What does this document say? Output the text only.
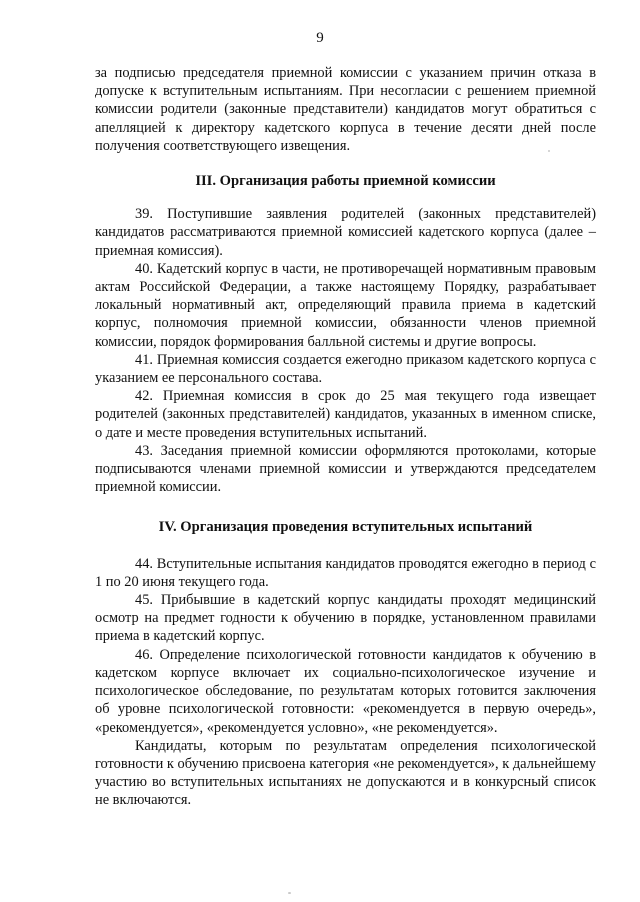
9

за подписью председателя приемной комиссии с указанием причин отказа в допуске к вступительным испытаниям. При несогласии с решением приемной комиссии родители (законные представители) кандидатов могут обратиться с апелляцией к директору кадетского корпуса в течение десяти дней после получения соответствующего извещения.

III. Организация работы приемной комиссии

39. Поступившие заявления родителей (законных представителей) кандидатов рассматриваются приемной комиссией кадетского корпуса (далее – приемная комиссия).

40. Кадетский корпус в части, не противоречащей нормативным правовым актам Российской Федерации, а также настоящему Порядку, разрабатывает локальный нормативный акт, определяющий правила приема в кадетский корпус, полномочия приемной комиссии, обязанности членов приемной комиссии, порядок формирования балльной системы и другие вопросы.

41. Приемная комиссия создается ежегодно приказом кадетского корпуса с указанием ее персонального состава.

42. Приемная комиссия в срок до 25 мая текущего года извещает родителей (законных представителей) кандидатов, указанных в именном списке, о дате и месте проведения вступительных испытаний.

43. Заседания приемной комиссии оформляются протоколами, которые подписываются членами приемной комиссии и утверждаются председателем приемной комиссии.

IV. Организация проведения вступительных испытаний

44. Вступительные испытания кандидатов проводятся ежегодно в период с 1 по 20 июня текущего года.

45. Прибывшие в кадетский корпус кандидаты проходят медицинский осмотр на предмет годности к обучению в порядке, установленном правилами приема в кадетский корпус.

46. Определение психологической готовности кандидатов к обучению в кадетском корпусе включает их социально-психологическое изучение и психологическое обследование, по результатам которых готовится заключения об уровне психологической готовности: «рекомендуется в первую очередь», «рекомендуется», «рекомендуется условно», «не рекомендуется».

Кандидаты, которым по результатам определения психологической готовности к обучению присвоена категория «не рекомендуется», к дальнейшему участию во вступительных испытаниях не допускаются и в конкурсный список не включаются.
